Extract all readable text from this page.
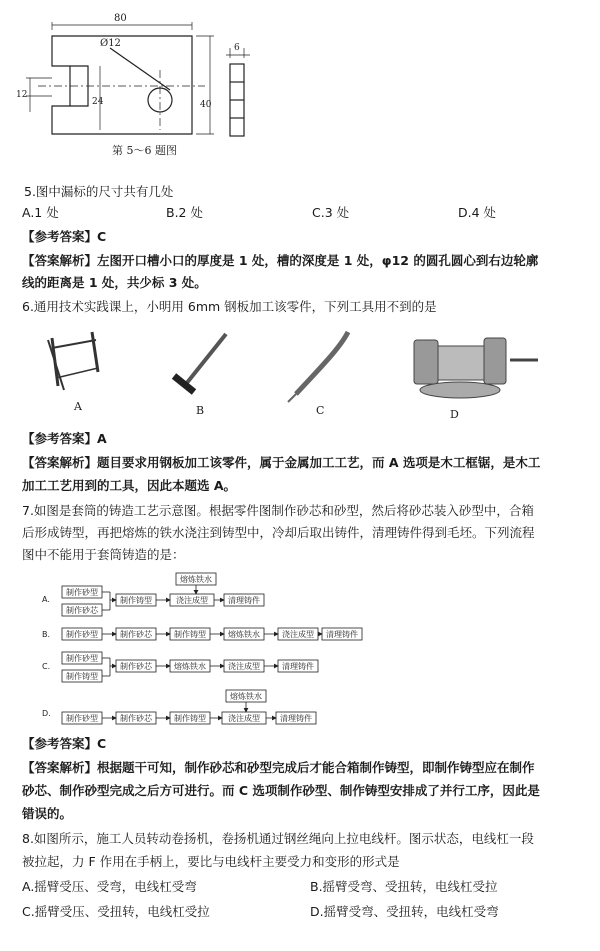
80
Ø12	6
12
24	40
第 5～6 题图
5.图中漏标的尺寸共有几处
A.1 处	B.2 处	C.3 处	D.4 处
【参考答案】C
【答案解析】左图开口槽小口的厚度是 1 处，槽的深度是 1 处，φ12 的圆孔圆心到右边轮廓
线的距离是 1 处，共少标 3 处。
6.通用技术实践课上，小明用 6mm 钢板加工该零件，下列工具用不到的是
A	B	C	D
【参考答案】A
【答案解析】题目要求用钢板加工该零件，属于金属加工工艺，而 A 选项是木工框锯，是木工
加工工艺用到的工具，因此本题选 A。
7.如图是套筒的铸造工艺示意图。根据零件图制作砂芯和砂型，然后将砂芯装入砂型中，合箱
后形成铸型，再把熔炼的铁水浇注到铸型中，冷却后取出铸件，清理铸件得到毛坯。下列流程
图中不能用于套筒铸造的是：
A.
制作砂型
制作砂芯
制作铸型
熔炼铁水
浇注成型	清理铸件
B. 制作砂型	制作砂芯	制作铸型	熔炼铁水	浇注成型 清理铸件
C.
制作砂型
制作铸型
制作砂芯	熔炼铁水	浇注成型	清理铸件
D.
熔炼铁水
制作砂型	制作砂芯	制作铸型	浇注成型	清理铸件
【参考答案】C
【答案解析】根据题干可知，制作砂芯和砂型完成后才能合箱制作铸型，即制作铸型应在制作
砂芯、制作砂型完成之后方可进行。而 C 选项制作砂型、制作铸型安排成了并行工序，因此是
错误的。
8.如图所示，施工人员转动卷扬机，卷扬机通过钢丝绳向上拉电线杆。图示状态，电线杠一段
被拉起，力 F 作用在手柄上，要比与电线杆主要受力和变形的形式是
A.摇臂受压、受弯，电线杠受弯	B.摇臂受弯、受扭转，电线杠受拉
C.摇臂受压、受扭转，电线杠受拉	D.摇臂受弯、受扭转，电线杠受弯
